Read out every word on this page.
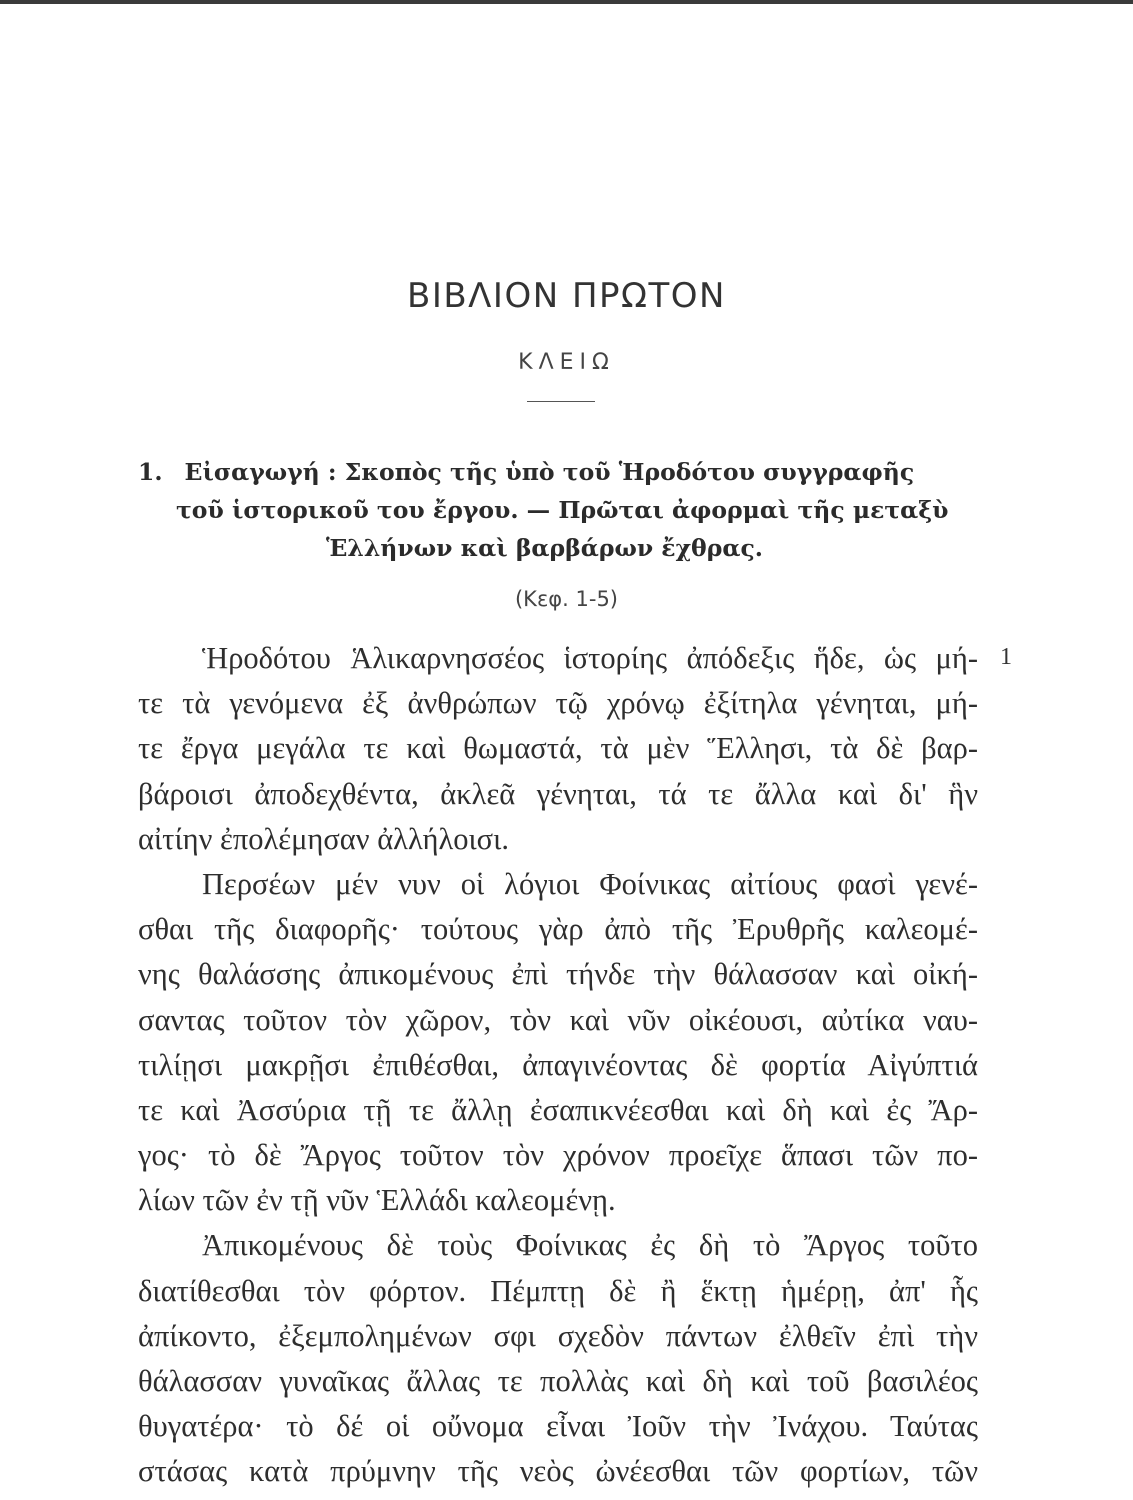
ΒΙΒΛΙΟΝ ΠΡΩΤΟΝ
ΚΛΕΙΩ
1. Εἰσαγωγή : Σκοπὸς τῆς ὑπὸ τοῦ Ἡροδότου συγγραφῆς
τοῦ ἱστορικοῦ του ἔργου. — Πρῶται ἀφορμαὶ τῆς μεταξὺ
Ἑλλήνων καὶ βαρβάρων ἔχθρας.
(Κεφ. 1-5)
1
Ἡροδότου Ἁλικαρνησσέος ἱστορίης ἀπόδεξις ἥδε, ὡς μή-
τε τὰ γενόμενα ἐξ ἀνθρώπων τῷ χρόνῳ ἐξίτηλα γένηται, μή-
τε ἔργα μεγάλα τε καὶ θωμαστά, τὰ μὲν Ἕλλησι, τὰ δὲ βαρ-
βάροισι ἀποδεχθέντα, ἀκλεᾶ γένηται, τά τε ἄλλα καὶ δι' ἣν
αἰτίην ἐπολέμησαν ἀλλήλοισι.
Περσέων μέν νυν οἱ λόγιοι Φοίνικας αἰτίους φασὶ γενέ-
σθαι τῆς διαφορῆς· τούτους γὰρ ἀπὸ τῆς Ἐρυθρῆς καλεομέ-
νης θαλάσσης ἀπικομένους ἐπὶ τήνδε τὴν θάλασσαν καὶ οἰκή-
σαντας τοῦτον τὸν χῶρον, τὸν καὶ νῦν οἰκέουσι, αὐτίκα ναυ-
τιλίῃσι μακρῇσι ἐπιθέσθαι, ἀπαγινέοντας δὲ φορτία Αἰγύπτιά
τε καὶ Ἀσσύρια τῇ τε ἄλλῃ ἐσαπικνέεσθαι καὶ δὴ καὶ ἐς Ἄρ-
γος· τὸ δὲ Ἄργος τοῦτον τὸν χρόνον προεῖχε ἅπασι τῶν πο-
λίων τῶν ἐν τῇ νῦν Ἑλλάδι καλεομένῃ.
Ἀπικομένους δὲ τοὺς Φοίνικας ἐς δὴ τὸ Ἄργος τοῦτο
διατίθεσθαι τὸν φόρτον. Πέμπτῃ δὲ ἢ ἕκτῃ ἡμέρῃ, ἀπ' ἧς
ἀπίκοντο, ἐξεμπολημένων σφι σχεδὸν πάντων ἐλθεῖν ἐπὶ τὴν
θάλασσαν γυναῖκας ἄλλας τε πολλὰς καὶ δὴ καὶ τοῦ βασιλέος
θυγατέρα· τὸ δέ οἱ οὔνομα εἶναι Ἰοῦν τὴν Ἰνάχου. Ταύτας
στάσας κατὰ πρύμνην τῆς νεὸς ὠνέεσθαι τῶν φορτίων, τῶν
